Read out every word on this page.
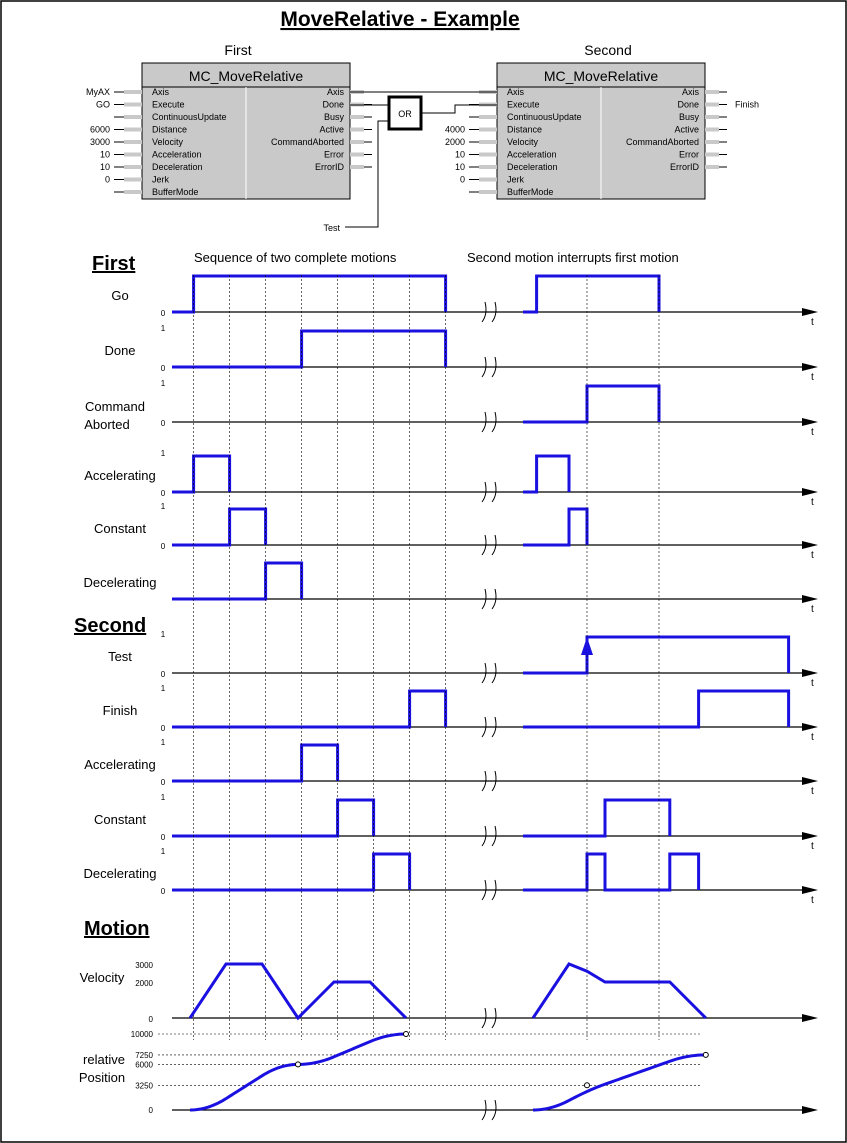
MoveRelative - Example
First
MC_MoveRelative
Axis
MyAX
Execute
GO
ContinuousUpdate
Distance
6000
Velocity
3000
Acceleration
10
Deceleration
10
Jerk
0
BufferMode
Axis
Done
Busy
Active
CommandAborted
Error
ErrorID
Second
MC_MoveRelative
Axis
Execute
ContinuousUpdate
Distance
4000
Velocity
2000
Acceleration
10
Deceleration
10
Jerk
0
BufferMode
Axis
Done	Finish
Busy
Active
CommandAborted
Error
ErrorID
OR
Test
First	Sequence of two complete motions	Second motion interrupts first motion
Go
0
t
Done
1
0
t
Command
Aborted
1
0
t
Accelerating
1
0
t
Constant
1
0
t
Decelerating
t
Second
Test
1
0
t
Finish
1
0
t
Accelerating
1
0
t
Constant
1
0
t
Decelerating
1
0
t
Motion
Velocity
3000
2000
0
relative
Position
10000
7250
6000
3250
0
